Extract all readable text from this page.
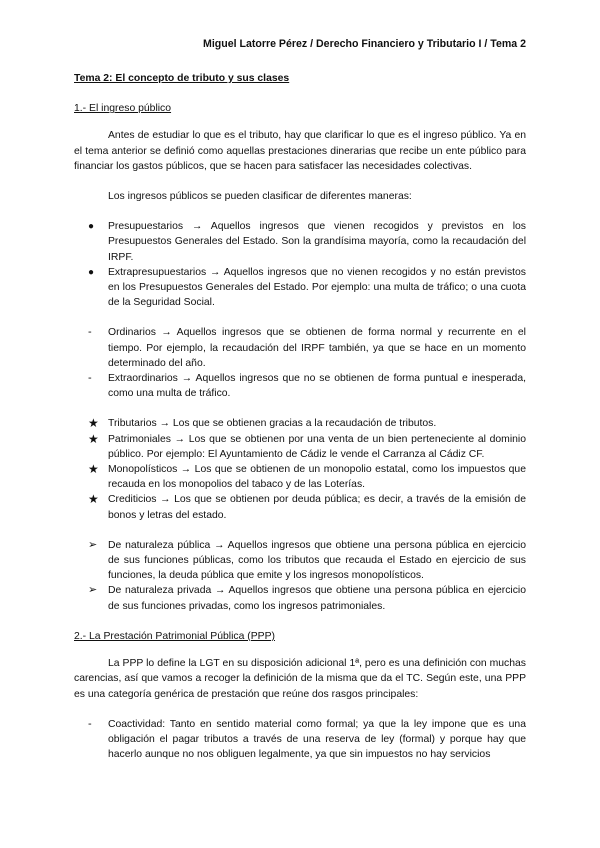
Miguel Latorre Pérez / Derecho Financiero y Tributario I / Tema 2
Tema 2: El concepto de tributo y sus clases
1.- El ingreso público

Antes de estudiar lo que es el tributo, hay que clarificar lo que es el ingreso público. Ya en el tema anterior se definió como aquellas prestaciones dinerarias que recibe un ente público para financiar los gastos públicos, que se hacen para satisfacer las necesidades colectivas.

Los ingresos públicos se pueden clasificar de diferentes maneras:

●	Presupuestarios → Aquellos ingresos que vienen recogidos y previstos en los Presupuestos Generales del Estado. Son la grandísima mayoría, como la recaudación del IRPF.
●	Extrapresupuestarios → Aquellos ingresos que no vienen recogidos y no están previstos en los Presupuestos Generales del Estado. Por ejemplo: una multa de tráfico; o una cuota de la Seguridad Social.
-	Ordinarios → Aquellos ingresos que se obtienen de forma normal y recurrente en el tiempo. Por ejemplo, la recaudación del IRPF también, ya que se hace en un momento determinado del año.
-	Extraordinarios → Aquellos ingresos que no se obtienen de forma puntual e inesperada, como una multa de tráfico.
★ Tributarios → Los que se obtienen gracias a la recaudación de tributos.
★ Patrimoniales → Los que se obtienen por una venta de un bien perteneciente al dominio público. Por ejemplo: El Ayuntamiento de Cádiz le vende el Carranza al Cádiz CF.
★ Monopolísticos → Los que se obtienen de un monopolio estatal, como los impuestos que recauda en los monopolios del tabaco y de las Loterías.
★ Crediticios → Los que se obtienen por deuda pública; es decir, a través de la emisión de bonos y letras del estado.
➢	De naturaleza pública → Aquellos ingresos que obtiene una persona pública en ejercicio de sus funciones públicas, como los tributos que recauda el Estado en ejercicio de sus funciones, la deuda pública que emite y los ingresos monopolísticos.
➢	De naturaleza privada → Aquellos ingresos que obtiene una persona pública en ejercicio de sus funciones privadas, como los ingresos patrimoniales.
2.- La Prestación Patrimonial Pública (PPP)

La PPP lo define la LGT en su disposición adicional 1ª, pero es una definición con muchas carencias, así que vamos a recoger la definición de la misma que da el TC. Según este, una PPP es una categoría genérica de prestación que reúne dos rasgos principales:

-	Coactividad: Tanto en sentido material como formal; ya que la ley impone que es una obligación el pagar tributos a través de una reserva de ley (formal) y porque hay que hacerlo aunque no nos obliguen legalmente, ya que sin impuestos no hay servicios
